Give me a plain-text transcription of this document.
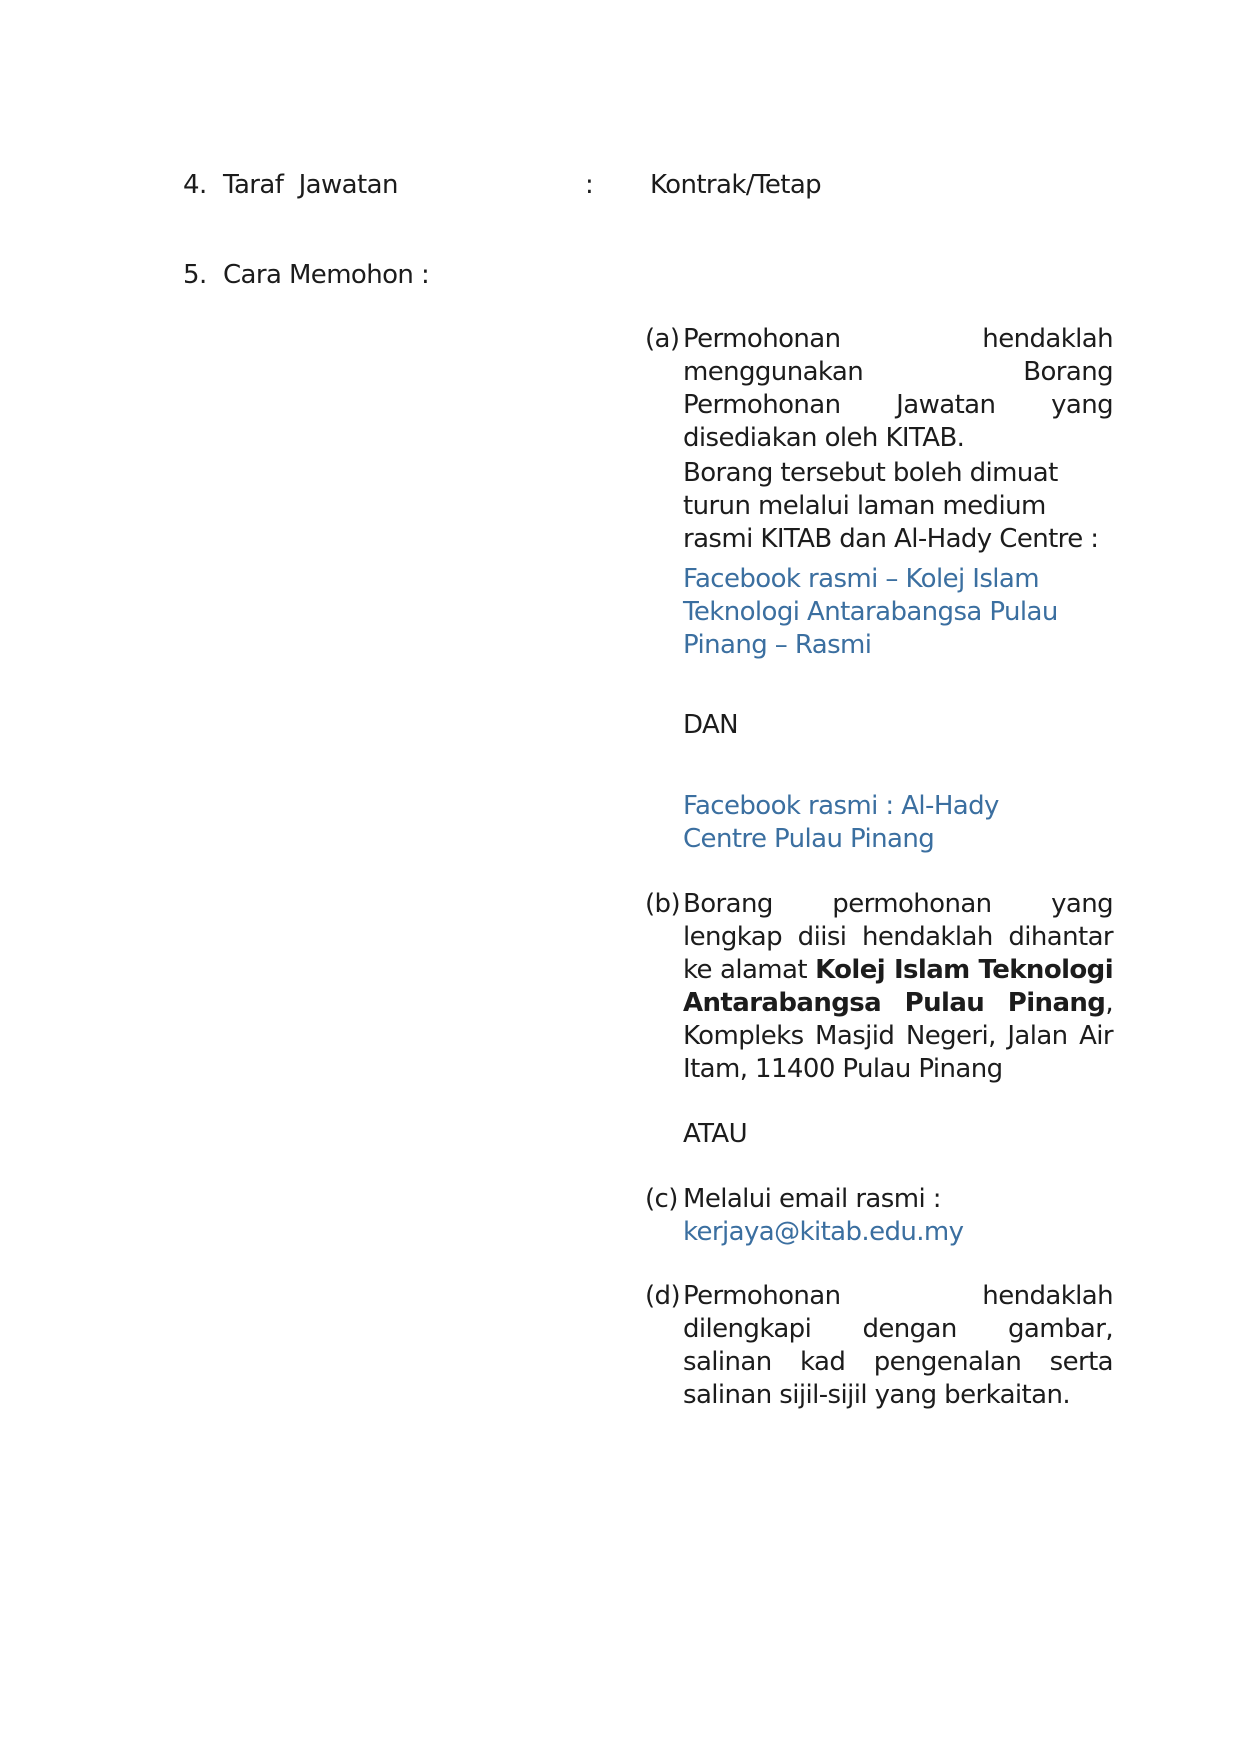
4. Taraf  Jawatan	: Kontrak/Tetap
5. Cara Memohon :
(a) Permohonan hendaklah menggunakan Borang Permohonan Jawatan yang disediakan oleh KITAB.
Borang tersebut boleh dimuat turun melalui laman medium rasmi KITAB dan Al-Hady Centre :
Facebook rasmi – Kolej Islam Teknologi Antarabangsa Pulau Pinang – Rasmi
DAN
Facebook rasmi : Al-Hady Centre Pulau Pinang
(b) Borang permohonan yang lengkap diisi hendaklah dihantar ke alamat Kolej Islam Teknologi Antarabangsa Pulau Pinang, Kompleks Masjid Negeri, Jalan Air Itam, 11400 Pulau Pinang
ATAU
(c) Melalui email rasmi :
kerjaya@kitab.edu.my
(d) Permohonan hendaklah dilengkapi dengan gambar, salinan kad pengenalan serta salinan sijil-sijil yang berkaitan.
